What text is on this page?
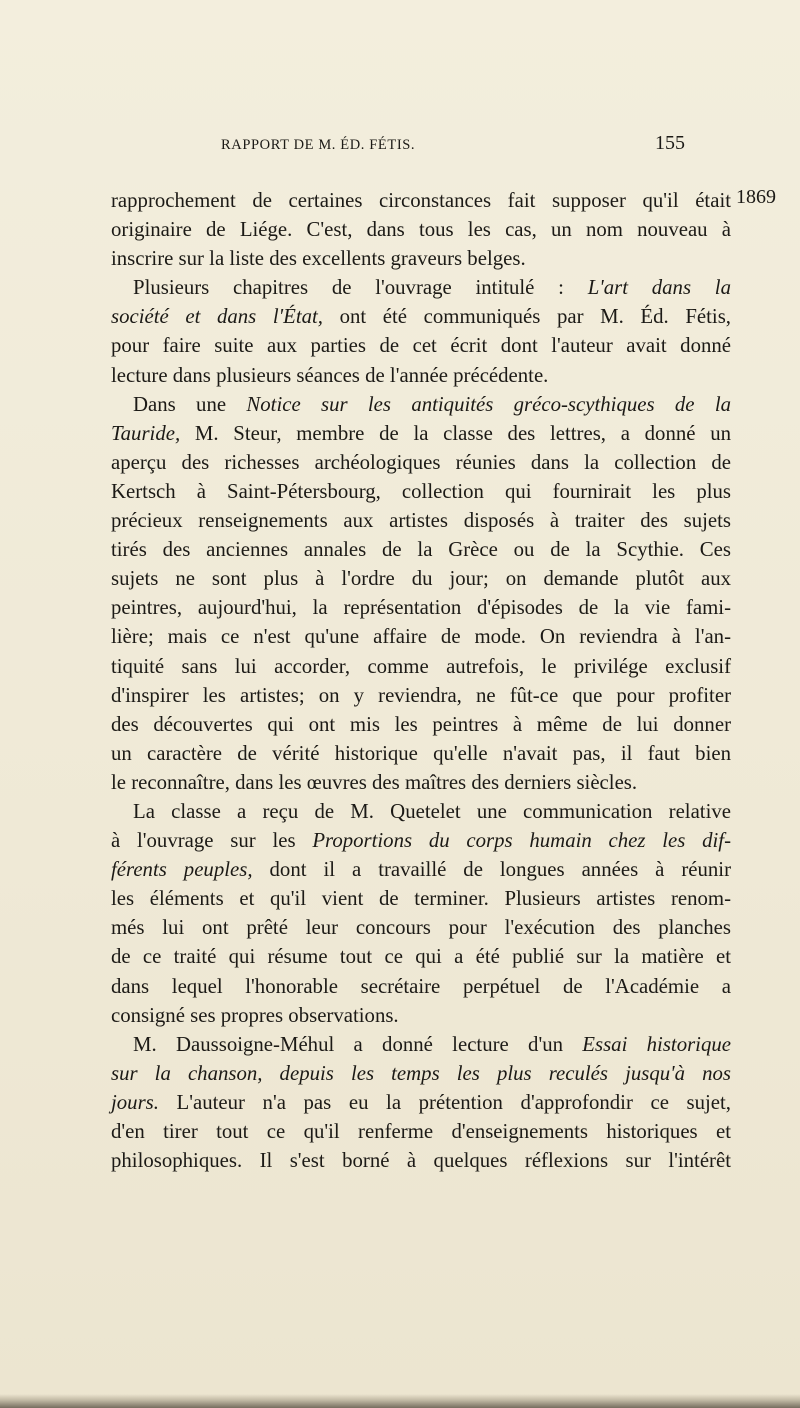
RAPPORT DE M. ÉD. FÉTIS.	155
1869
rapprochement de certaines circonstances fait supposer qu'il était
originaire de Liége. C'est, dans tous les cas, un nom nouveau à
inscrire sur la liste des excellents graveurs belges.
Plusieurs chapitres de l'ouvrage intitulé : L'art dans la
société et dans l'État, ont été communiqués par M. Éd. Fétis,
pour faire suite aux parties de cet écrit dont l'auteur avait donné
lecture dans plusieurs séances de l'année précédente.
Dans une Notice sur les antiquités gréco-scythiques de la
Tauride, M. Steur, membre de la classe des lettres, a donné un
aperçu des richesses archéologiques réunies dans la collection de
Kertsch à Saint-Pétersbourg, collection qui fournirait les plus
précieux renseignements aux artistes disposés à traiter des sujets
tirés des anciennes annales de la Grèce ou de la Scythie. Ces
sujets ne sont plus à l'ordre du jour; on demande plutôt aux
peintres, aujourd'hui, la représentation d'épisodes de la vie fami-
lière; mais ce n'est qu'une affaire de mode. On reviendra à l'an-
tiquité sans lui accorder, comme autrefois, le privilége exclusif
d'inspirer les artistes; on y reviendra, ne fût-ce que pour profiter
des découvertes qui ont mis les peintres à même de lui donner
un caractère de vérité historique qu'elle n'avait pas, il faut bien
le reconnaître, dans les œuvres des maîtres des derniers siècles.
La classe a reçu de M. Quetelet une communication relative
à l'ouvrage sur les Proportions du corps humain chez les dif-
férents peuples, dont il a travaillé de longues années à réunir
les éléments et qu'il vient de terminer. Plusieurs artistes renom-
més lui ont prêté leur concours pour l'exécution des planches
de ce traité qui résume tout ce qui a été publié sur la matière et
dans lequel l'honorable secrétaire perpétuel de l'Académie a
consigné ses propres observations.
M. Daussoigne-Méhul a donné lecture d'un Essai historique
sur la chanson, depuis les temps les plus reculés jusqu'à nos
jours. L'auteur n'a pas eu la prétention d'approfondir ce sujet,
d'en tirer tout ce qu'il renferme d'enseignements historiques et
philosophiques. Il s'est borné à quelques réflexions sur l'intérêt
